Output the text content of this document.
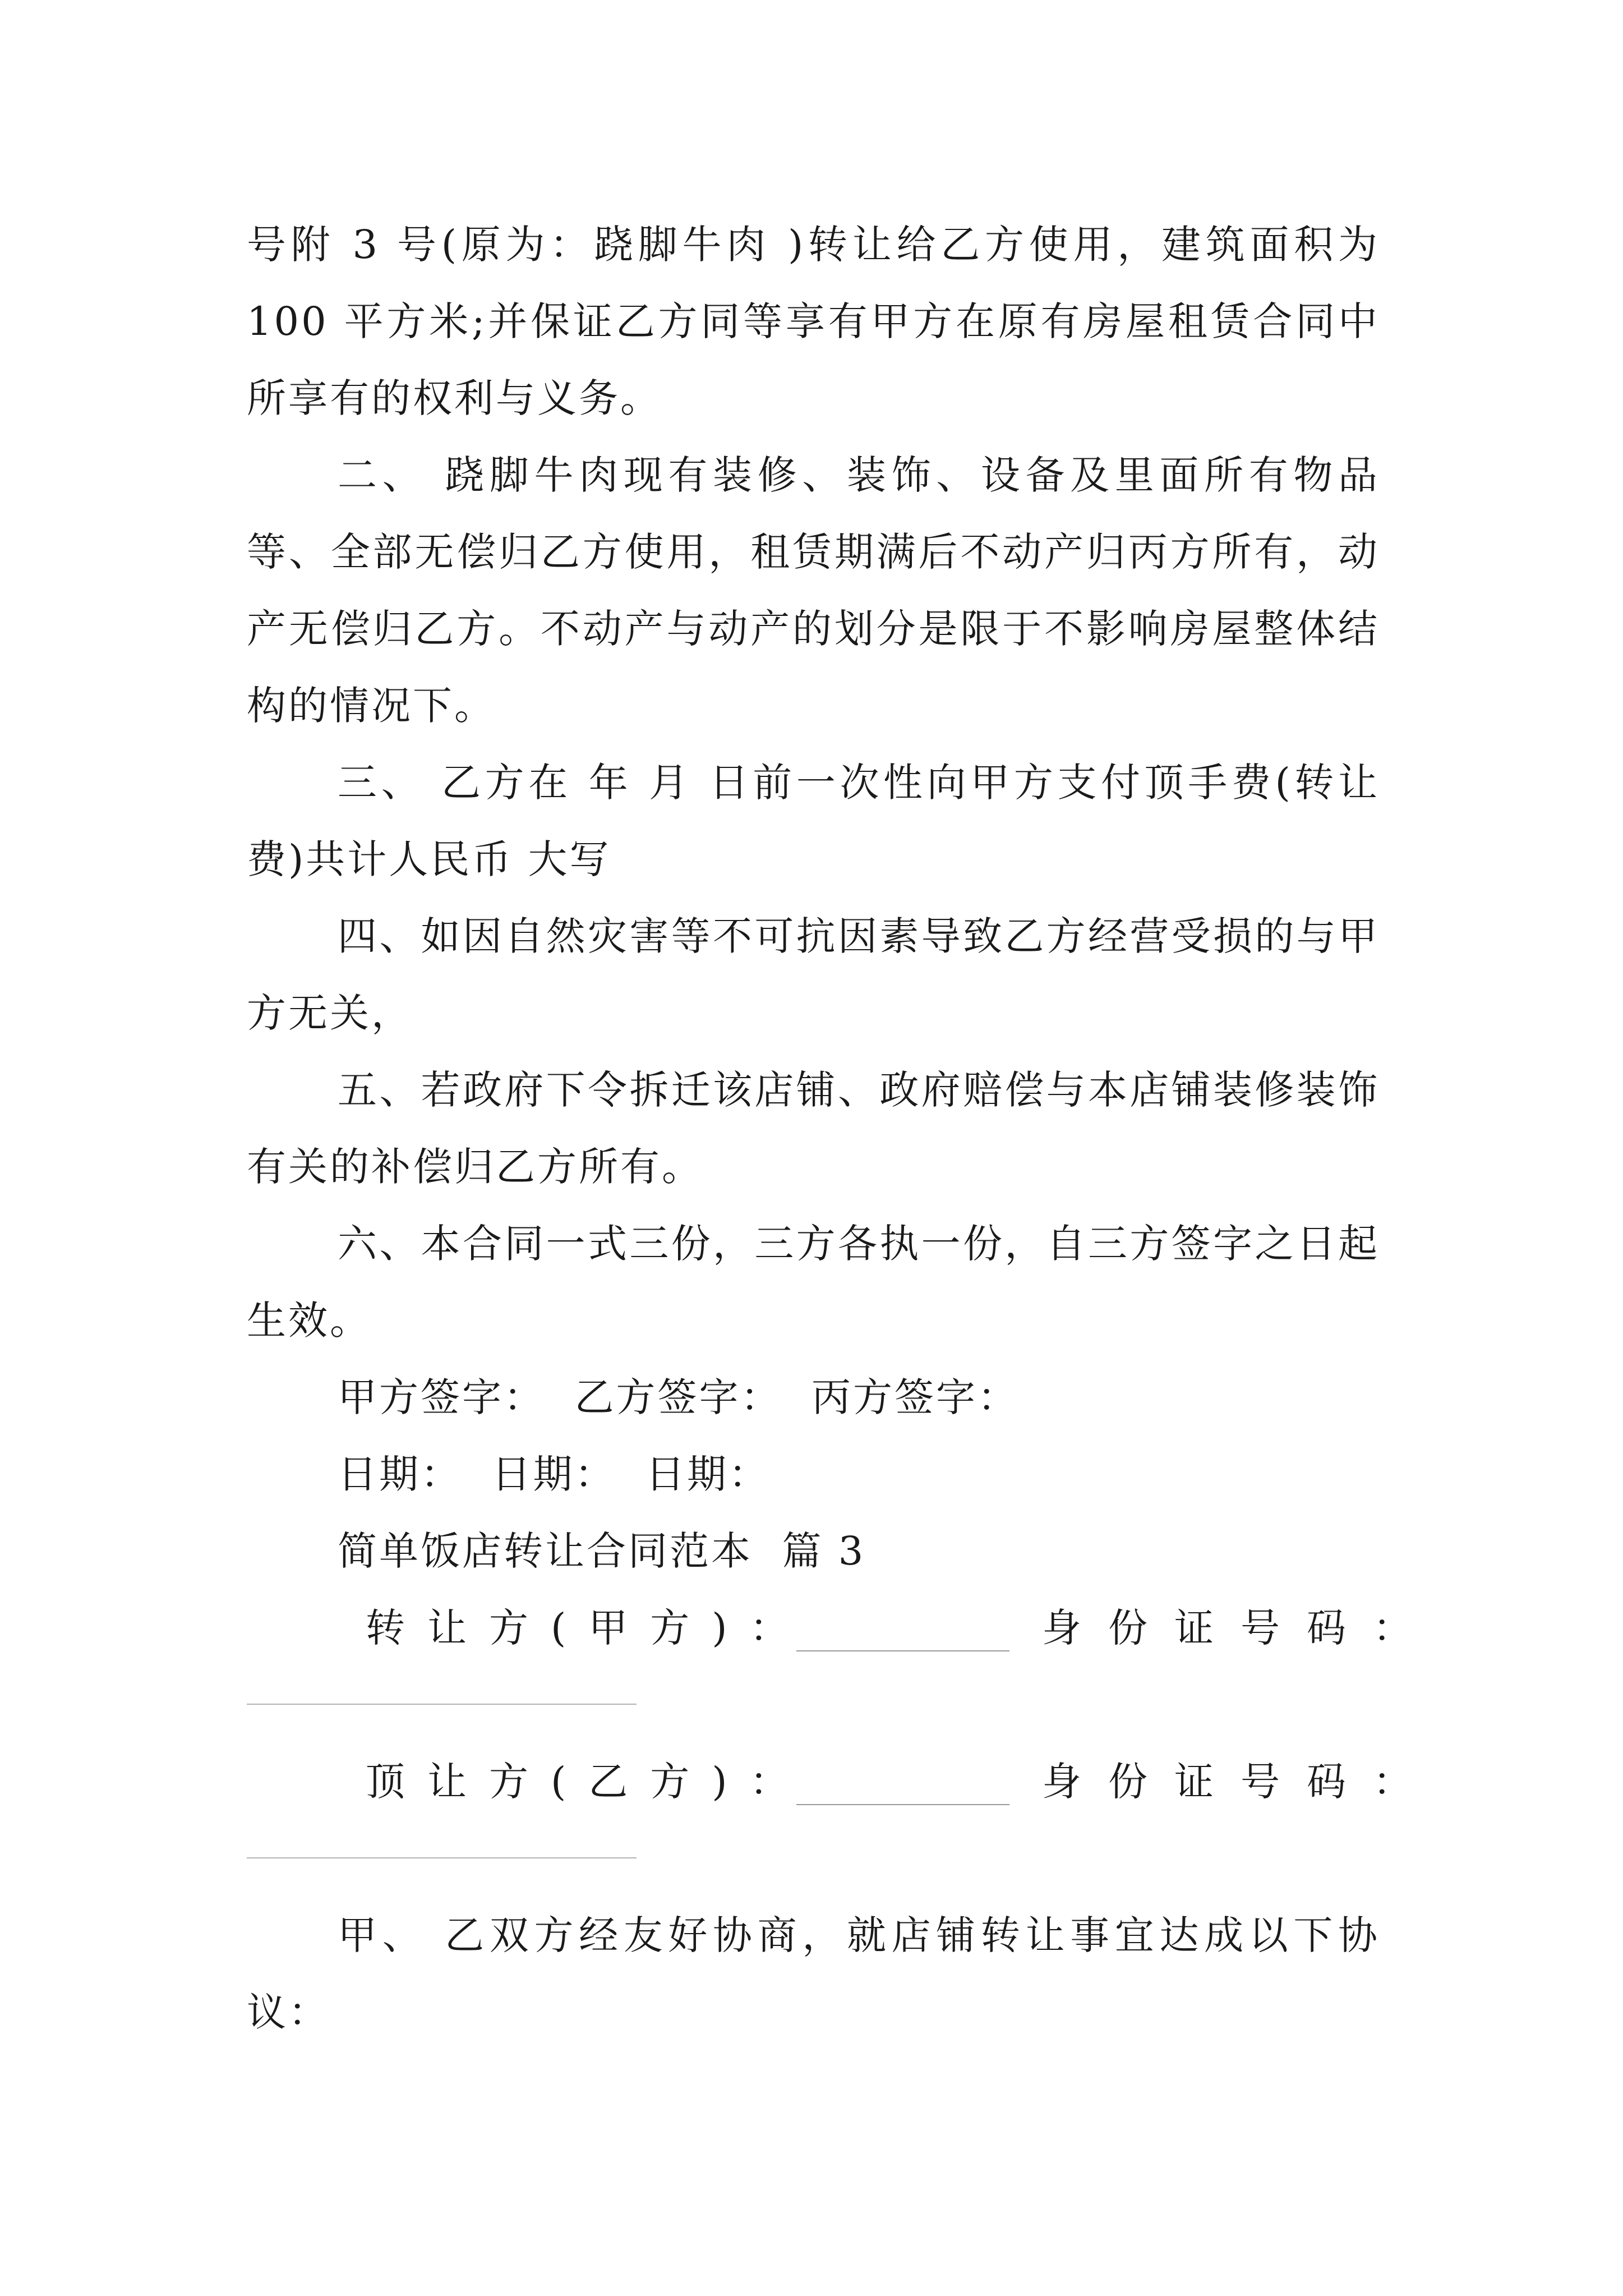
号附 3 号(原为：跷脚牛肉 )转让给乙方使用，建筑面积为 100 平方米;并保证乙方同等享有甲方在原有房屋租赁合同中所享有的权利与义务。

二、 跷脚牛肉现有装修、装饰、设备及里面所有物品等、全部无偿归乙方使用，租赁期满后不动产归丙方所有，动产无偿归乙方。不动产与动产的划分是限于不影响房屋整体结构的情况下。

三、 乙方在 年 月 日前一次性向甲方支付顶手费(转让费)共计人民币 大写

四、如因自然灾害等不可抗因素导致乙方经营受损的与甲方无关，

五、若政府下令拆迁该店铺、政府赔偿与本店铺装修装饰有关的补偿归乙方所有。

六、本合同一式三份，三方各执一份，自三方签字之日起生效。

甲方签字：  乙方签字：  丙方签字：

日期：  日期：  日期：

简单饭店转让合同范本  篇 3

转让方(甲方)：	身份证号码：
顶让方(乙方)：	身份证号码：

甲、 乙双方经友好协商，就店铺转让事宜达成以下协议：
